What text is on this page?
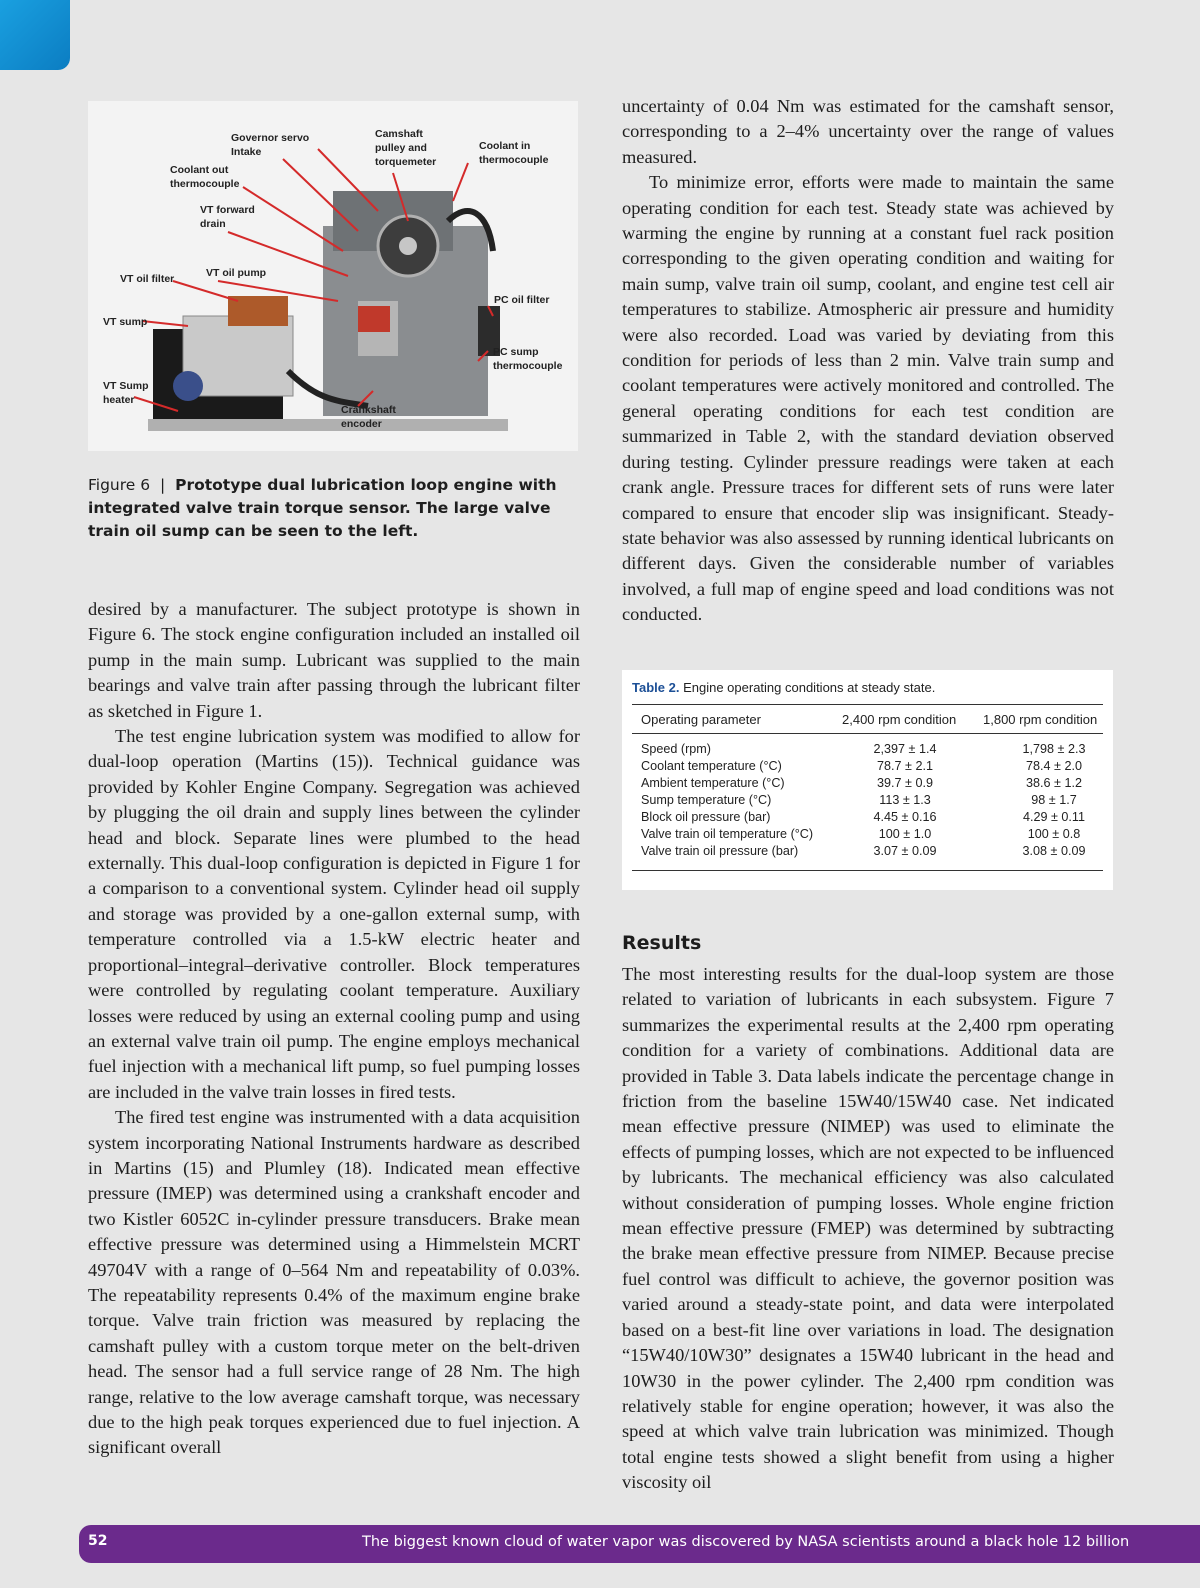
Governor servo
Intake
Camshaft
pulley and
torquemeter
Coolant in
thermocouple
Coolant out
thermocouple
VT forward
drain
VT oil filter	VT oil pump
PC oil filter
VT sump
PC sump
thermocouple
VT Sump
heater
Crankshaft
encoder
Figure 6 | Prototype dual lubrication loop engine with integrated valve train torque sensor. The large valve train oil sump can be seen to the left.

desired by a manufacturer. The subject prototype is shown in Figure 6. The stock engine configuration included an installed oil pump in the main sump. Lubricant was supplied to the main bearings and valve train after passing through the lubricant filter as sketched in Figure 1.

The test engine lubrication system was modified to allow for dual-loop operation (Martins (15)). Technical guidance was provided by Kohler Engine Company. Segregation was achieved by plugging the oil drain and supply lines between the cylinder head and block. Separate lines were plumbed to the head externally. This dual-loop configuration is depicted in Figure 1 for a comparison to a conventional system. Cylinder head oil supply and storage was provided by a one-gallon external sump, with temperature controlled via a 1.5-kW electric heater and proportional–integral–derivative controller. Block temperatures were controlled by regulating coolant temperature. Auxiliary losses were reduced by using an external cooling pump and using an external valve train oil pump. The engine employs mechanical fuel injection with a mechanical lift pump, so fuel pumping losses are included in the valve train losses in fired tests.

The fired test engine was instrumented with a data acquisition system incorporating National Instruments hardware as described in Martins (15) and Plumley (18). Indicated mean effective pressure (IMEP) was determined using a crankshaft encoder and two Kistler 6052C in-cylinder pressure transducers. Brake mean effective pressure was determined using a Himmelstein MCRT 49704V with a range of 0–564 Nm and repeatability of 0.03%. The repeatability represents 0.4% of the maximum engine brake torque. Valve train friction was measured by replacing the camshaft pulley with a custom torque meter on the belt-driven head. The sensor had a full service range of 28 Nm. The high range, relative to the low average camshaft torque, was necessary due to the high peak torques experienced due to fuel injection. A significant overall

uncertainty of 0.04 Nm was estimated for the camshaft sensor, corresponding to a 2–4% uncertainty over the range of values measured.

To minimize error, efforts were made to maintain the same operating condition for each test. Steady state was achieved by warming the engine by running at a constant fuel rack position corresponding to the given operating condition and waiting for main sump, valve train oil sump, coolant, and engine test cell air temperatures to stabilize. Atmospheric air pressure and humidity were also recorded. Load was varied by deviating from this condition for periods of less than 2 min. Valve train sump and coolant temperatures were actively monitored and controlled. The general operating conditions for each test condition are summarized in Table 2, with the standard deviation observed during testing. Cylinder pressure readings were taken at each crank angle. Pressure traces for different sets of runs were later compared to ensure that encoder slip was insignificant. Steady-state behavior was also assessed by running identical lubricants on different days. Given the considerable number of variables involved, a full map of engine speed and load conditions was not conducted.

Table 2. Engine operating conditions at steady state.
Operating parameter	2,400 rpm condition 1,800 rpm condition
Speed (rpm)	2,397 ± 1.4	1,798 ± 2.3
Coolant temperature (°C)	78.7 ± 2.1	78.4 ± 2.0
Ambient temperature (°C)	39.7 ± 0.9	38.6 ± 1.2
Sump temperature (°C)	113 ± 1.3	98 ± 1.7
Block oil pressure (bar)	4.45 ± 0.16	4.29 ± 0.11
Valve train oil temperature (°C)	100 ± 1.0	100 ± 0.8
Valve train oil pressure (bar)	3.07 ± 0.09	3.08 ± 0.09
Results

The most interesting results for the dual-loop system are those related to variation of lubricants in each subsystem. Figure 7 summarizes the experimental results at the 2,400 rpm operating condition for a variety of combinations. Additional data are provided in Table 3. Data labels indicate the percentage change in friction from the baseline 15W40/15W40 case. Net indicated mean effective pressure (NIMEP) was used to eliminate the effects of pumping losses, which are not expected to be influenced by lubricants. The mechanical efficiency was also calculated without consideration of pumping losses. Whole engine friction mean effective pressure (FMEP) was determined by subtracting the brake mean effective pressure from NIMEP. Because precise fuel control was difficult to achieve, the governor position was varied around a steady-state point, and data were interpolated based on a best-fit line over variations in load. The designation “15W40/10W30” designates a 15W40 lubricant in the head and 10W30 in the power cylinder. The 2,400 rpm condition was relatively stable for engine operation; however, it was also the speed at which valve train lubrication was minimized. Though total engine tests showed a slight benefit from using a higher viscosity oil

52	The biggest known cloud of water vapor was discovered by NASA scientists around a black hole 12 billion
